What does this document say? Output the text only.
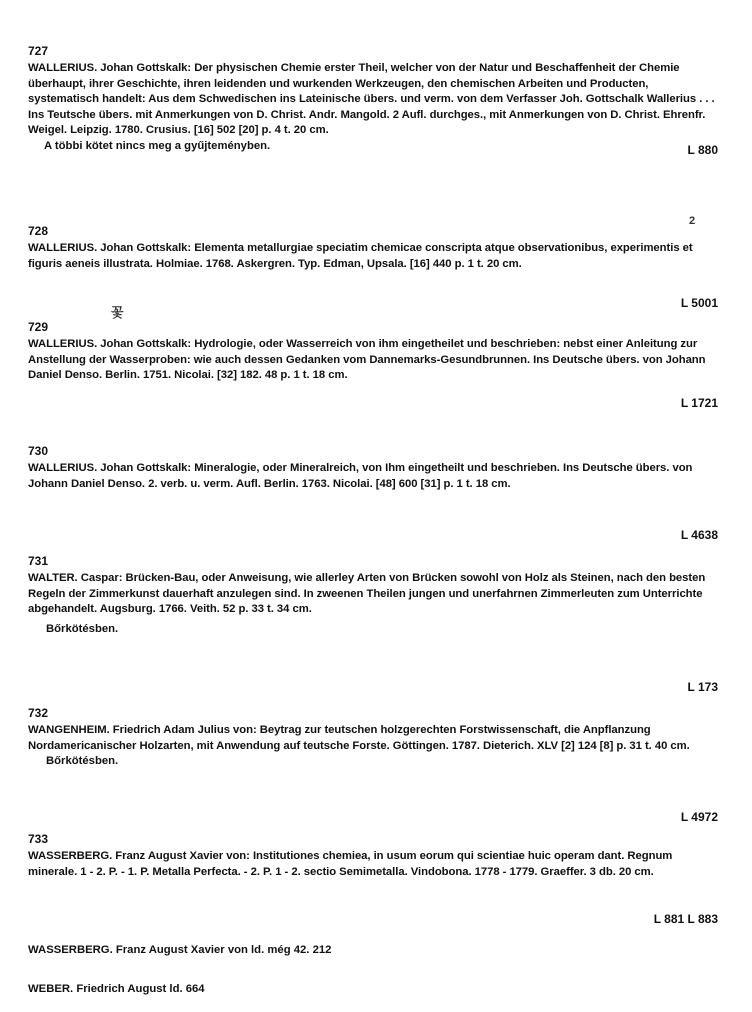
727
WALLERIUS. Johan Gottskalk: Der physischen Chemie erster Theil, welcher von der Natur und Beschaffenheit der Chemie überhaupt, ihrer Geschichte, ihren leidenden und wurkenden Werkzeugen, den chemischen Arbeiten und Producten, systematisch handelt: Aus dem Schwedischen ins Lateinische übers. und verm. von dem Verfasser Joh. Gottschalk Wallerius . . . Ins Teutsche übers. mit Anmerkungen von D. Christ. Andr. Mangold. 2 Aufl. durchges., mit Anmerkungen von D. Christ. Ehrenfr. Weigel. Leipzig. 1780. Crusius. [16] 502 [20] p. 4 t. 20 cm.
A többi kötet nincs meg a gyűjteményben.	L 880
728
WALLERIUS. Johan Gottskalk: Elementa metallurgiae speciatim chemicae conscripta atque observationibus, experimentis et figuris aeneis illustrata. Holmiae. 1768. Askergren. Typ. Edman, Upsala. [16] 440 p. 1 t. 20 cm.
L 5001
729
WALLERIUS. Johan Gottskalk: Hydrologie, oder Wasserreich von ihm eingetheilet und beschrieben: nebst einer Anleitung zur Anstellung der Wasserproben: wie auch dessen Gedanken vom Dannemarks-Gesundbrunnen. Ins Deutsche übers. von Johann Daniel Denso. Berlin. 1751. Nicolai. [32] 182. 48 p. 1 t. 18 cm.
L 1721
730
WALLERIUS. Johan Gottskalk: Mineralogie, oder Mineralreich, von Ihm eingetheilt und beschrieben. Ins Deutsche übers. von Johann Daniel Denso. 2. verb. u. verm. Aufl. Berlin. 1763. Nicolai. [48] 600 [31] p. 1 t. 18 cm.
L 4638
731
WALTER. Caspar: Brücken-Bau, oder Anweisung, wie allerley Arten von Brücken sowohl von Holz als Steinen, nach den besten Regeln der Zimmerkunst dauerhaft anzulegen sind. In zweenen Theilen jungen und unerfahrnen Zimmerleuten zum Unterrichte abgehandelt. Augsburg. 1766. Veith. 52 p. 33 t. 34 cm.
Bőrkötésben.
L 173
732
WANGENHEIM. Friedrich Adam Julius von: Beytrag zur teutschen holzgerechten Forstwissenschaft, die Anpflanzung Nordamericanischer Holzarten, mit Anwendung auf teutsche Forste. Göttingen. 1787. Dieterich. XLV [2] 124 [8] p. 31 t. 40 cm.
Bőrkötésben.
L 4972
733
WASSERBERG. Franz August Xavier von: Institutiones chemiea, in usum eorum qui scientiae huic operam dant. Regnum minerale. 1 - 2. P. - 1. P. Metalla Perfecta. - 2. P. 1 - 2. sectio Semimetalla. Vindobona. 1778 - 1779. Graeffer. 3 db. 20 cm.
L 881 L 883
WASSERBERG. Franz August Xavier von ld. még 42. 212
WEBER. Friedrich August ld. 664
2
꽃
